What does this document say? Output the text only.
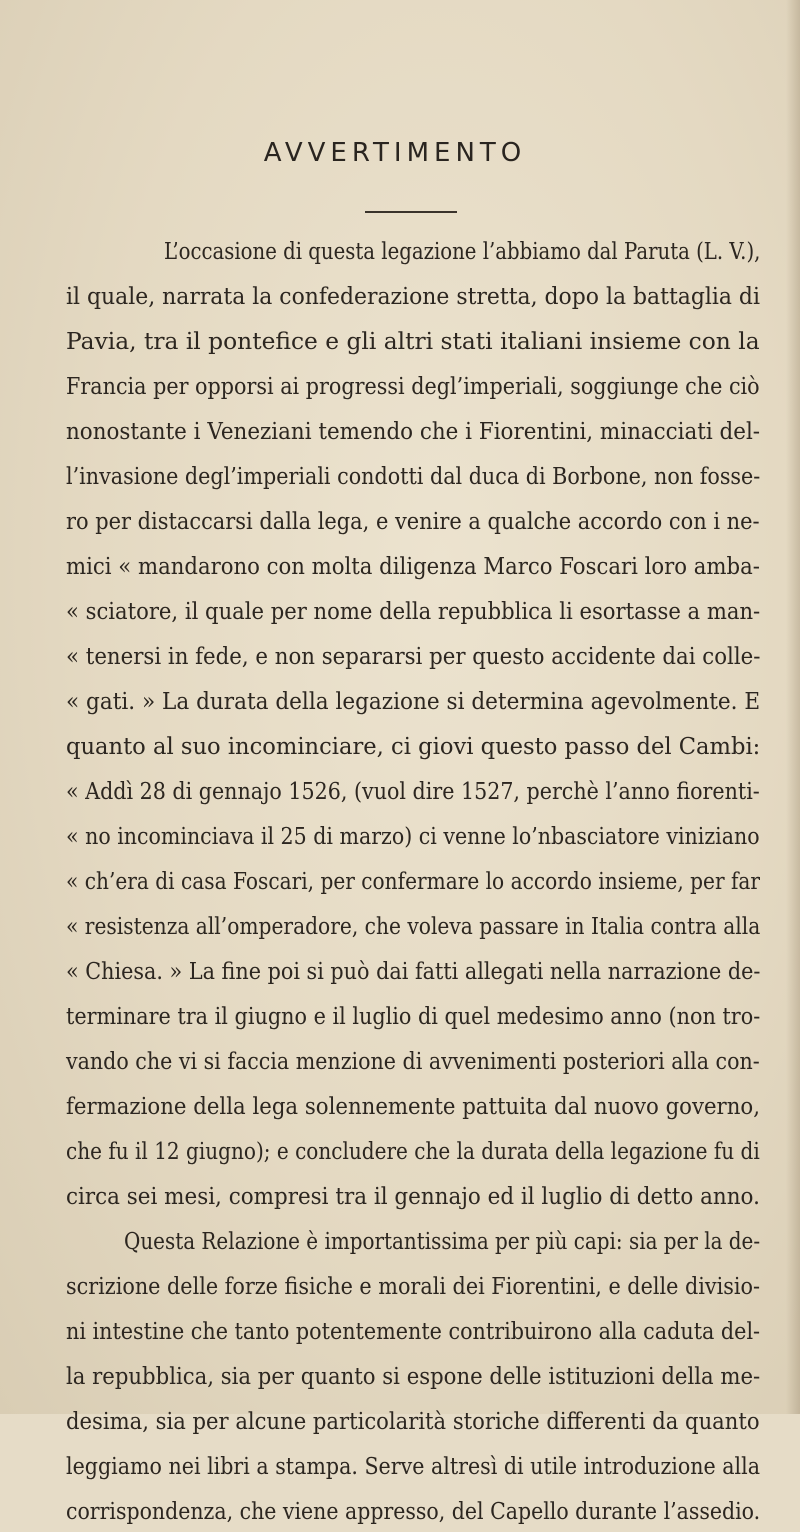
AVVERTIMENTO
L’occasione di questa legazione l’abbiamo dal Paruta (L. V.),
il quale, narrata la confederazione stretta, dopo la battaglia di
Pavia, tra il pontefice e gli altri stati italiani insieme con la
Francia per opporsi ai progressi degl’imperiali, soggiunge che ciò
nonostante i Veneziani temendo che i Fiorentini, minacciati del-
l’invasione degl’imperiali condotti dal duca di Borbone, non fosse-
ro per distaccarsi dalla lega, e venire a qualche accordo con i ne-
mici « mandarono con molta diligenza Marco Foscari loro amba-
« sciatore, il quale per nome della repubblica li esortasse a man-
« tenersi in fede, e non separarsi per questo accidente dai colle-
« gati. » La durata della legazione si determina agevolmente. E
quanto al suo incominciare, ci giovi questo passo del Cambi:
« Addì 28 di gennajo 1526, (vuol dire 1527, perchè l’anno fiorenti-
« no incominciava il 25 di marzo) ci venne lo’nbasciatore viniziano
« ch’era di casa Foscari, per confermare lo accordo insieme, per far
« resistenza all’omperadore, che voleva passare in Italia contra alla
« Chiesa. » La fine poi si può dai fatti allegati nella narrazione de-
terminare tra il giugno e il luglio di quel medesimo anno (non tro-
vando che vi si faccia menzione di avvenimenti posteriori alla con-
fermazione della lega solennemente pattuita dal nuovo governo,
che fu il 12 giugno); e concludere che la durata della legazione fu di
circa sei mesi, compresi tra il gennajo ed il luglio di detto anno.
Questa Relazione è importantissima per più capi: sia per la de-
scrizione delle forze fisiche e morali dei Fiorentini, e delle divisio-
ni intestine che tanto potentemente contribuirono alla caduta del-
la repubblica, sia per quanto si espone delle istituzioni della me-
desima, sia per alcune particolarità storiche differenti da quanto
leggiamo nei libri a stampa. Serve altresì di utile introduzione alla
corrispondenza, che viene appresso, del Capello durante l’assedio.
